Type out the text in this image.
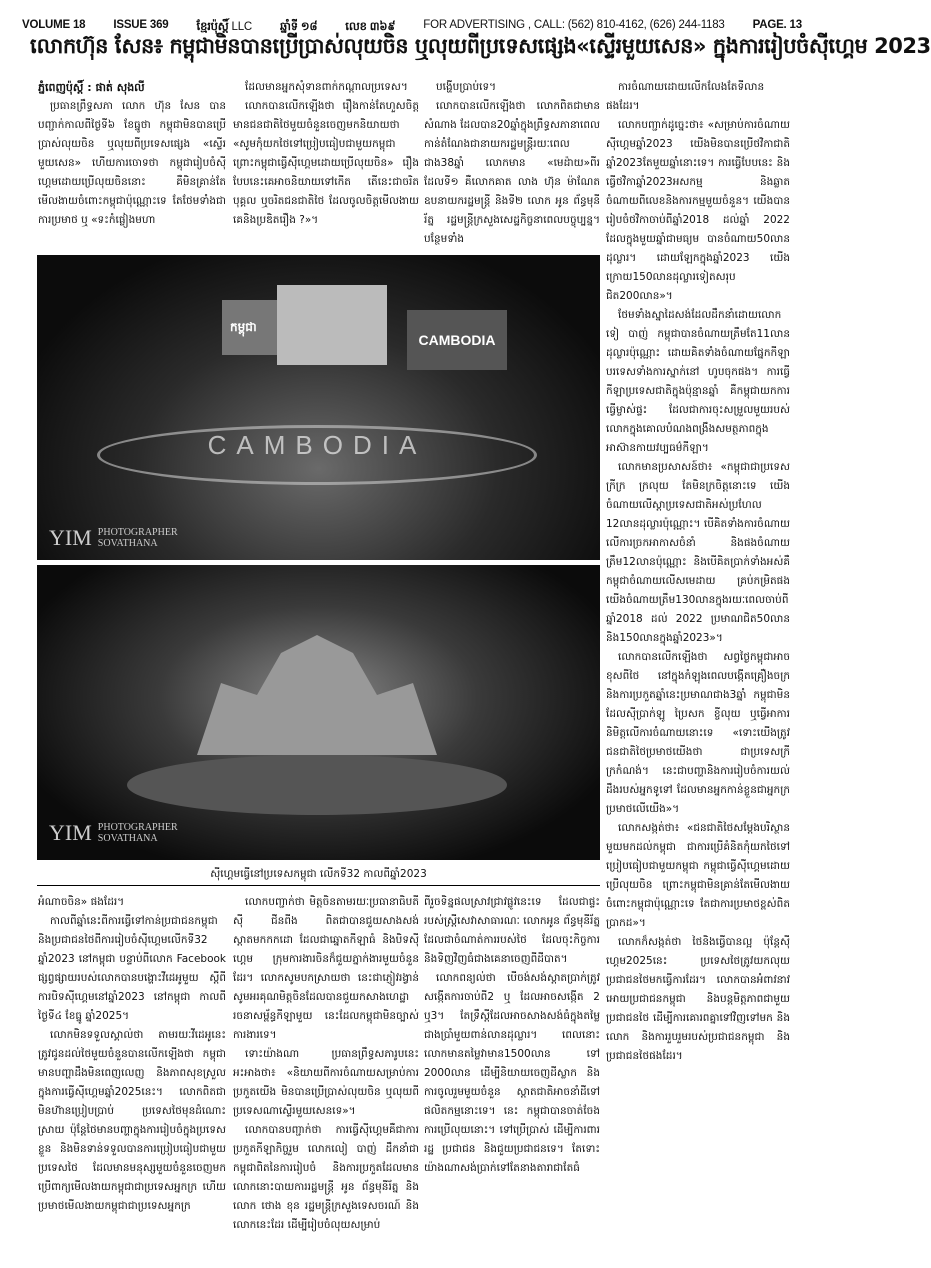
VOLUME 18 ISSUE 369 ខ្មែរប៉ុស្តិ៍ LLC ឆ្នាំទី ១៨ លេខ ៣៦៩ FOR ADVERTISING , CALL: (562) 810-4162, (626) 244-1183 PAGE. 13
លោកហ៊ុន សែន៖ កម្ពុជាមិនបានប្រើប្រាស់លុយចិន ឬលុយពីប្រទេសផ្សេង«ស្ទើរមួយសេន» ក្នុងការរៀបចំស៊ីហ្គេម 2023
ភ្នំពេញប៉ុស្តិ៍ : ផាត់ សុងលី

ប្រធានព្រឹទ្ធសភា លោក ហ៊ុន សែន បានបញ្ជាក់កាលពីថ្ងៃទី៦ ខែធ្នូថា កម្ពុជាមិនបានប្រើប្រាស់លុយចិន ឬលុយពីប្រទេសផ្សេង «ស្ទើរមួយសេន» ហើយការចោទថា កម្ពុជារៀបចំស៊ីហ្គេមដោយប្រើលុយចិននោះ គឺមិនគ្រាន់តែមើលងាយចំពោះកម្ពុជាប៉ុណ្ណោះទេ តែថែមទាំងជាការប្រមាថ ឬ «ទះកំផ្លៀងមហា

ដែលមានអ្នកសុំទានពាក់កណ្តាលប្រទេស។

លោកបានលើកឡើងថា រឿងកាន់តែហួសចិត្តមានជនជាតិថៃមួយចំនួនចេញមកនិយាយថា «សូមកុំយកថៃទៅប្រៀបធៀបជាមួយកម្ពុជា ព្រោះកម្ពុជាធ្វើស៊ីហ្គេមដោយប្រើលុយចិន» រឿងបែបនេះគេអាចនិយាយទៅកើត តើនេះជាចរិតបុគ្គល ឬចរិតជនជាតិថៃ ដែលចូលចិត្តមើលងាយគេនិងប្រឌិតរឿង ?»។

បង្ហើបប្រាប់ទេ។

លោកបានលើកឡើងថា លោកពិតជាមានសំណាង ដែលបាន20ឆ្នាំក្នុងព្រឹទ្ធសភានាពេលកាន់តំណែងជានាយករដ្ឋមន្ត្រីរយៈពេលជាង38ឆ្នាំ លោកមាន «មេដ៉ាយ»ពីរ ដែលទី១ គឺលោកគាត លាង ហ៊ុន ម៉ាណែត ឧបនាយករដ្ឋមន្ត្រី និងទី២ លោក អូន ព័ន្ធមុនីរ័ត្ន រដ្ឋមន្ត្រីក្រសួងសេដ្ឋកិច្ចនាពេលបច្ចុប្បន្ន។ បន្ថែមទាំង

ការចំណាយដោយលើកលែងតែទីលានផងដែរ។

លោកបញ្ជាក់ដូច្នេះថា៖ «សម្រាប់ការចំណាយស៊ីហ្គេមឆ្នាំ2023 យើងមិនបានប្រើថវិកាជាតិឆ្នាំ2023តែមួយឆ្នាំនោះទេ។ ការធ្វើបែបនេះ និងធ្វើថវិកាឆ្នាំ2023អសកម្ម និងឆ្លាតចំណាយពីលេខនិងការកម្មមួយចំនួន។ យើងបានរៀបចំថវិកាចាប់ពីឆ្នាំ2018 ដល់ឆ្នាំ 2022 ដែលក្នុងមួយឆ្នាំជាមធ្យម បានចំណាយ50លានដុល្លារ។ ដោយឡែកក្នុងឆ្នាំ2023 យើងក្រោយ150លានដុល្លារទៀតសរុបជិត200លាន»។

ថែមទាំងស្នាដៃសង់ដែលដឹកនាំដោយលោក ទៀ បាញ់ កម្ពុជាបានចំណាយត្រឹមតែ11លានដុល្លារប៉ុណ្ណោះ ដោយគិតទាំងចំណាយផ្នែកកីឡា បរទេសទាំងការស្នាក់នៅ ហូបចុកផង។ ការធ្វើកីឡាប្រទេសជាតិក្នុងប៉ុន្មានឆ្នាំ គឺកម្ពុជាយកការធ្វើម្ចាស់ផ្ទះ ដែលជាការចុះសម្រួលមួយរបស់លោកក្នុងគោលបំណងពង្រឹងសមត្ថភាពក្នុងអាស៊ានកាយវប្បធម៌កីឡា។

លោកមានប្រសាសន៍ថា៖ «កម្ពុជាជាប្រទេសក្រីក្រ ក្រលុយ តែមិនក្រចិត្តនោះទេ យើងចំណាយលើស្តាប្រទេសជាតិអស់ប្រហែល 12លានដុល្លារប៉ុណ្ណោះ។ បើគិតទាំងការចំណាយលើការច្រកអាកាសចំនាំ និងផងចំណាយត្រឹម12លានប៉ុណ្ណោះ និងបើគិតប្រាក់ទាំងអស់គឺកម្ពុជាចំណាយលើសមេដាយ គ្រប់កម្រិតផងយើងចំណាយត្រឹម130លានក្នុងរយៈពេលចាប់ពីឆ្នាំ2018 ដល់ 2022 ប្រមាណជិត50លាន និង150លានក្នុងឆ្នាំ2023»។

លោកបានលើកឡើងថា សព្វថ្ងៃកម្ពុជាអាចខុសពីថៃ នៅក្នុងកំឡុងពេលបង្កើតគ្រឿងចក្រ និងការប្រកួតឆ្នាំនេះប្រមាណជាង3ឆ្នាំ កម្ពុជាមិនដែលស៊ីប្រាក់ឡូ ប្រៃសក ខ្ចីលុយ ឬធ្វើអាការនិមិត្តលើការចំណាយនោះទេ «ទោះយើងត្រូវជនជាតិថៃប្រមាថយើងថា ជាប្រទេសក្រីក្រកំណង់។ នេះជាបញ្ហានិងការរៀបចំការយល់ដឹងរបស់អ្នកទូទៅ ដែលមានអ្នកកាន់ខ្លួនជាអ្នកក្រ ប្រមាថលើយើង»។

លោកសង្កត់ថា៖ «ជនជាតិថៃសម្តែងបរិស្ថានមួយមកដល់កម្ពុជា ជាការប្រើគំនិតកុំយកថៃទៅប្រៀបធៀបជាមួយកម្ពុជា កម្ពុជាធ្វើស៊ីហ្គេមដោយប្រើលុយចិន ព្រោះកម្ពុជាមិនគ្រាន់តែមើលងាយចំពោះកម្ពុជាប៉ុណ្ណោះទេ តែជាការប្រមាថខ្ពស់ពិតប្រាកដ»។

លោកក៏សង្កត់ថា ថៃនិងធ្វើបានល្អ ប៉ុន្តែស៊ីហ្គេម2025នេះ ប្រទេសថៃត្រូវយកលុយប្រជាជនថៃមកធ្វើការដែរ។ លោកបានអំពាវនាវអោយប្រជាជនកម្ពុជា និងបន្តមិត្តភាពជាមួយប្រជាជនថៃ ដើម្បីការគោរពគ្នាទៅវិញទៅមក និងលោក និងការរួបរួមរបស់ប្រជាជនកម្ពុជា និងប្រជាជនថៃផងដែរ។

កម្ពុជា
CAMBODIA
CAMBODIA
YIM PHOTOGRAPHER
SOVATHANA
YIM PHOTOGRAPHER
SOVATHANA
ស៊ីហ្គេមធ្វើនៅប្រទេសកម្ពុជា លើកទី32 កាលពីឆ្នាំ2023

អំណាចចិន» ផងដែរ។

កាលពីឆ្នាំនេះពីការធ្វើទៅកាន់ប្រជាជនកម្ពុជា និងប្រជាជនថៃពីការរៀបចំស៊ីហ្គេមលើកទី32 ឆ្នាំ2023 នៅកម្ពុជា បន្ទាប់ពីលោក Facebook ផ្សព្វផ្សាយរបស់លោកបានបង្ហោះវីដេអូមួយ ស្តីពីការបិទស៊ីហ្គេមនៅឆ្នាំ2023 នៅកម្ពុជា កាលពីថ្ងៃទី៤ ខែធ្នូ ឆ្នាំ2025។

លោកមិនទទួលស្គាល់ថា តាមរយៈវីដេអូនេះ ត្រូវជូនដល់ថៃមួយចំនួនបានលើកឡើងថា កម្ពុជាមានបញ្ហាដឹងមិនពេញលេញ និងភាពសុខស្រួលក្នុងការធ្វើស៊ីហ្គេមឆ្នាំ2025នេះ។ លោកពិតជាមិនហ៊ានប្រៀបប្រាប់ ប្រទេសថៃមុនដំណោះស្រាយ ប៉ុន្តែថៃមានបញ្ហាក្នុងការរៀបចំក្នុងប្រទេសខ្លួន និងមិនទាន់ទទួលបានការប្រៀបធៀបជាមួយប្រទេសថៃ ដែលមានមនុស្សមួយចំនួនចេញមកប្រើពាក្យមើលងាយកម្ពុជាជាប្រទេសអ្នកក្រ ហើយប្រមាថមើលងាយកម្ពុជាជាប្រទេសអ្នកក្រ

លោកបញ្ជាក់ថា មិត្តចិនតាមរយៈប្រធានាធិបតី ស៊ី ជីនពីង ពិតជាបានជួយសាងសង់ស្តាតមកកកដោ ដែលជាឆ្នោតកីឡាធំ និងបិទស៊ីហ្គេម ក្រុមការងារចិនក៏ជួយភ្នាក់ងារមួយចំនួនដែរ។ លោកសូមបកស្រាយថា នេះជាភ្ញៀវរង្វាន់ សូមអរគុណមិត្តចិនដែលបានជួយកសាងហេដ្ឋារចនាសម្ព័ន្ធកីឡាមួយ នេះដែលកម្ពុជាមិនច្បាស់ការងារទេ។

ទោះយ៉ាងណា ប្រធានព្រឹទ្ធសភារូបនេះអះអាងថា៖ «និយាយពីការចំណាយសម្រាប់ការប្រកួតយើង មិនបានប្រើប្រាស់លុយចិន ឬលុយពីប្រទេសណាស្ទើរមួយសេនទេ»។

លោកបានបញ្ជាក់ថា ការធ្វើស៊ីហ្គេមគឺជាការប្រកួតកីឡាកិច្ចរួម លោកលៀ បាញ់ ដឹកនាំជាកម្ពុជាពិតនៃការរៀបចំ និងការប្រកួតដែលមានលោកនោះបាយការរដ្ឋមន្ត្រី អូន ព័ន្ធមុនីរ័ត្ន និងលោក ថោង ខុន រដ្ឋមន្ត្រីក្រសួងទេសចរណ៍ និងលោកនេះដែរ ដើម្បីរៀបចំលុយសម្រាប់

ពីរួចទិន្នផលស្រាវជ្រាវផ្លូវនេះទេ ដែលជាផ្ទះរបស់ស្ត្រីសេវាសាធារណៈ លោកអូន ព័ន្ធមុនីរ័ត្ន ដែលជាចំណាត់ការរបស់ថៃ ដែលចុះកិច្ចការ និងទិញវិញធំជាងគេនាចេញពីដីបាត។

លោកពន្យល់ថា បើចង់សង់ស្តាតប្រាក់ត្រូវសង្កើតការចាប់ពី2 ឬ ដែលអាចសង្កើត 2 ឬ3។ តែទ្រឹស្តីដែលអាចសាងសង់ធំក្នុងតម្លៃជាងប្រាំមួយពាន់លានដុល្លារ។ ពេលនោះលោកមានតម្លៃវាមាន1500លាន ទៅ 2000លាន ដើម្បីនិយាយចេញដីស្លាក និងការចូលរួមមួយចំនួន ស្តាតជាតិអាចនាំដីទៅផលិតកម្មនោះទេ។ នេះ កម្ពុជាបានចាត់ចែងការប្រើលុយនោះ។ ទៅប្រើប្រាស់ ដើម្បីការពាររដ្ឋ ប្រជាជន និងជួយប្រជាជនទេ។ តែទោះយ៉ាងណាសង់ប្រាក់ទៅតែនាងតារាជាតែធំ
